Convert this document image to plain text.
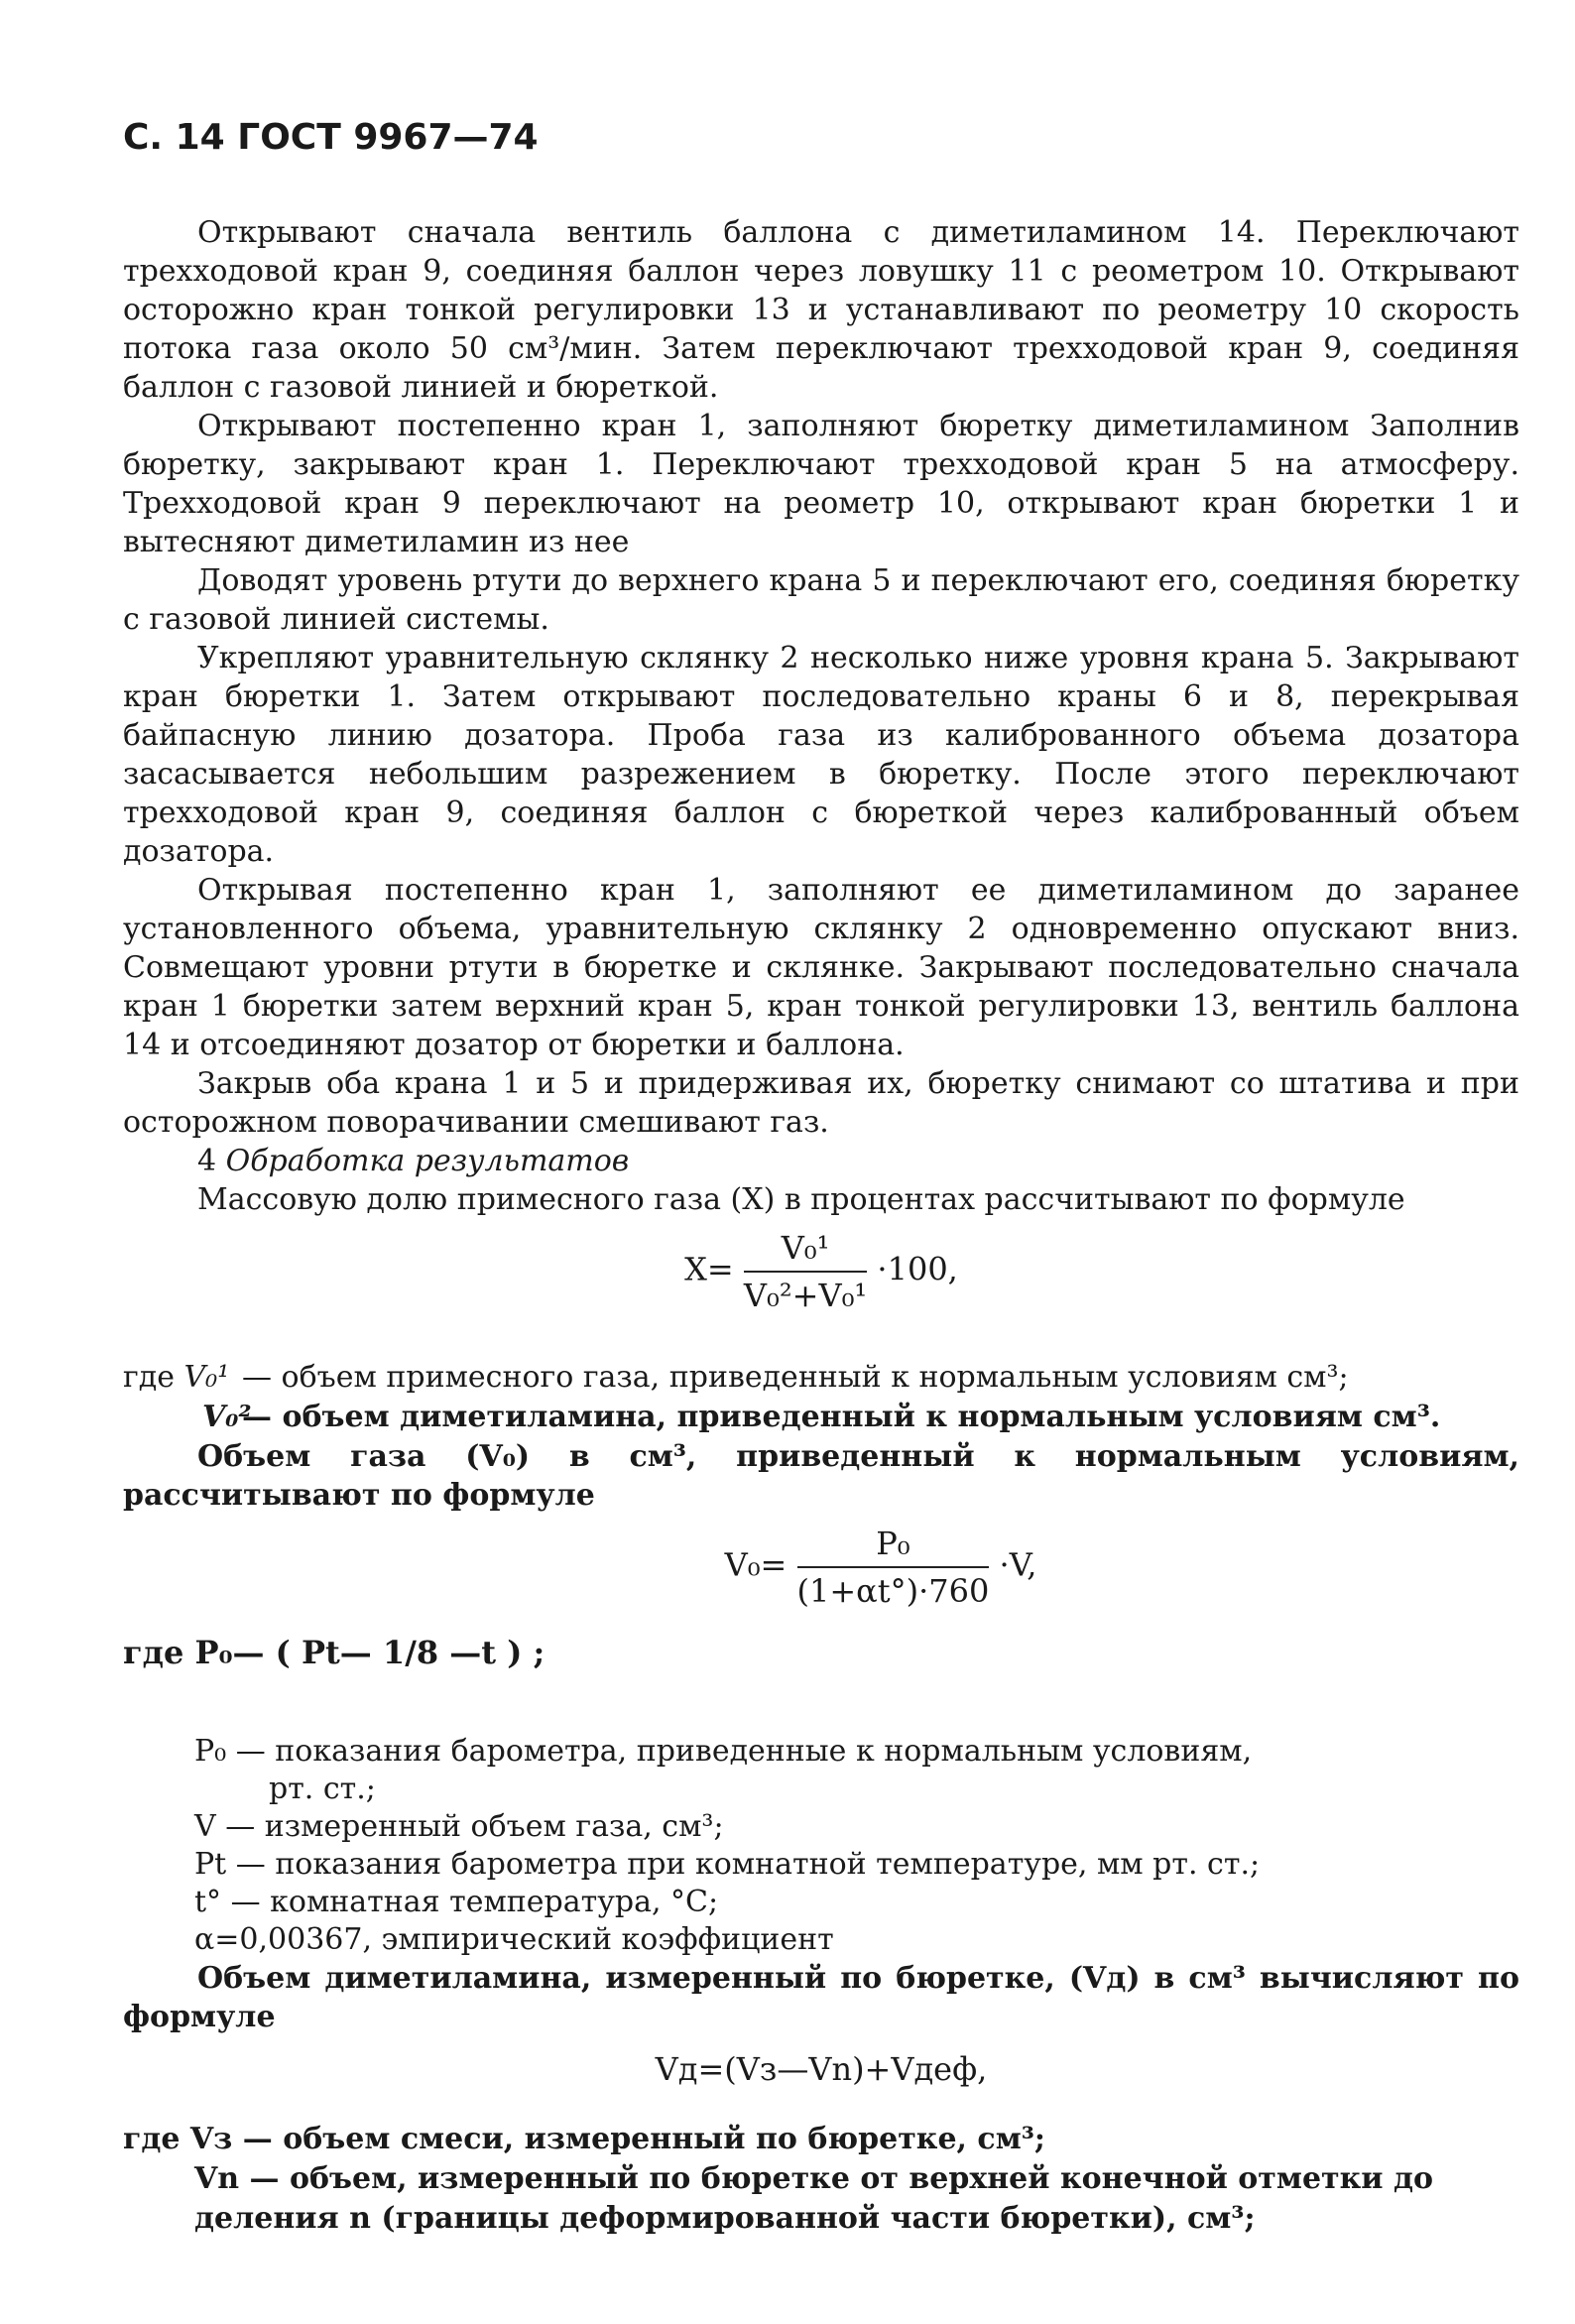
С. 14 ГОСТ 9967—74

Открывают сначала вентиль баллона с диметиламином 14. Переключают трехходовой кран 9, соединяя баллон через ловушку 11 с реометром 10. Открывают осторожно кран тонкой регулировки 13 и устанавливают по реометру 10 скорость потока газа около 50 см³/мин. Затем переключают трехходовой кран 9, соединяя баллон с газовой линией и бюреткой.

Открывают постепенно кран 1, заполняют бюретку диметиламином Заполнив бюретку, закрывают кран 1. Переключают трехходовой кран 5 на атмосферу. Трехходовой кран 9 переключают на реометр 10, открывают кран бюретки 1 и вытесняют диметиламин из нее

Доводят уровень ртути до верхнего крана 5 и переключают его, соединяя бюретку с газовой линией системы.

Укрепляют уравнительную склянку 2 несколько ниже уровня крана 5. Закрывают кран бюретки 1. Затем открывают последовательно краны 6 и 8, перекрывая байпасную линию дозатора. Проба газа из калиброванного объема дозатора засасывается небольшим разрежением в бюретку. После этого переключают трехходовой кран 9, соединяя баллон с бюреткой через калиброванный объем дозатора.

Открывая постепенно кран 1, заполняют ее диметиламином до заранее установленного объема, уравнительную склянку 2 одновременно опускают вниз. Совмещают уровни ртути в бюретке и склянке. Закрывают последовательно сначала кран 1 бюретки затем верхний кран 5, кран тонкой регулировки 13, вентиль баллона 14 и отсоединяют дозатор от бюретки и баллона.

Закрыв оба крана 1 и 5 и придерживая их, бюретку снимают со штатива и при осторожном поворачивании смешивают газ.

4 Обработка результатов

Массовую долю примесного газа (X) в процентах рассчитывают по формуле

$X= \frac{\text{V₀¹}}{\text{V₀²+V₀¹}} \cdot 100$,
где V₀¹ — объем примесного газа, приведенный к нормальным условиям см³;
V₀²
— объем диметиламина, приведенный к нормальным условиям см³.

Объем газа (V₀) в см³, приведенный к нормальным условиям, рассчитывают по формуле

$V_0= \frac{\text{P₀}}{(1+\alpha t^\circ)\cdot 760} \cdot V$,
где P₀— ( Pt— 1/8 —t ) ;
P₀ — показания барометра, приведенные к нормальным условиям,
рт. ст.;
V — измеренный объем газа, см³;
Pt — показания барометра при комнатной температуре, мм рт. ст.;
t° — комнатная температура, °C;
α=0,00367, эмпирический коэффициент

Объем диметиламина, измеренный по бюретке, (Vд) в см³ вычисляют по формуле

Vд=(Vз—Vn)+Vдеф,
где Vз — объем смеси, измеренный по бюретке, см³;
Vn — объем, измеренный по бюретке от верхней конечной отметки до деления n (границы деформированной части бюретки), см³;
